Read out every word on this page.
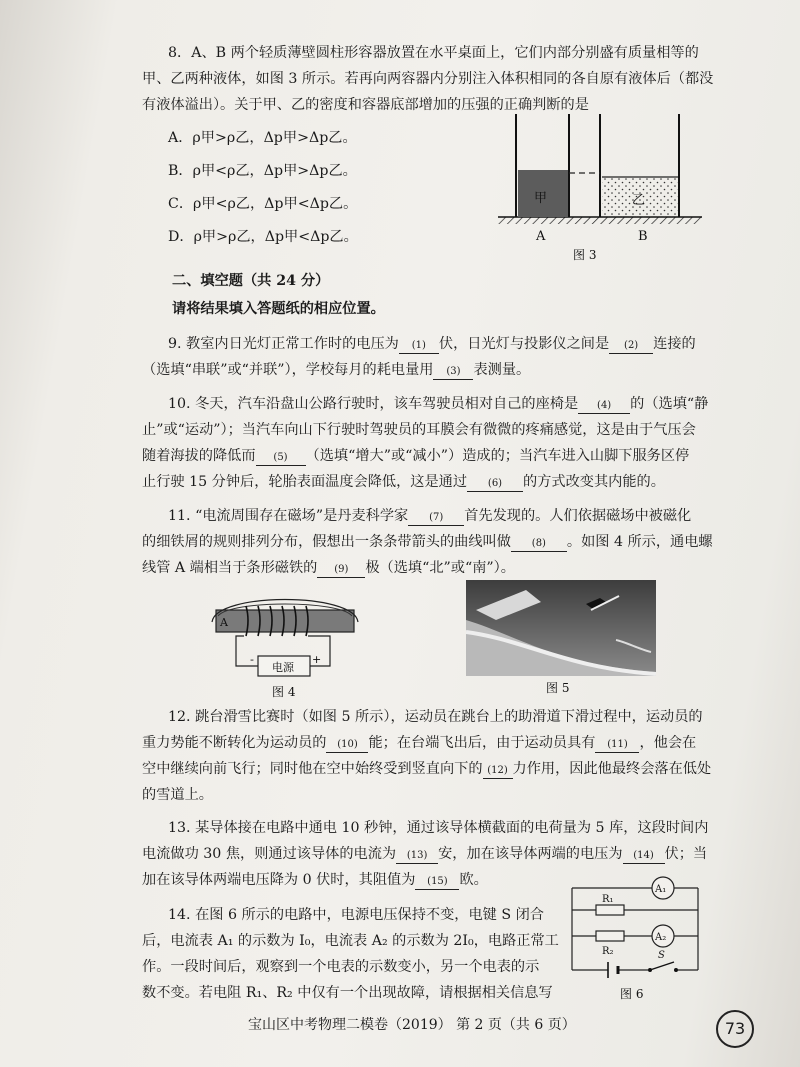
8．A、B 两个轻质薄壁圆柱形容器放置在水平桌面上，它们内部分别盛有质量相等的
甲、乙两种液体，如图 3 所示。若再向两容器内分别注入体积相同的各自原有液体后（都没
有液体溢出）。关于甲、乙的密度和容器底部增加的压强的正确判断的是
A．ρ甲>ρ乙，Δp甲>Δp乙。
B．ρ甲<ρ乙，Δp甲>Δp乙。
C．ρ甲<ρ乙，Δp甲<Δp乙。
D．ρ甲>ρ乙，Δp甲<Δp乙。
甲	乙
A	B
图 3
二、填空题（共 24 分）
请将结果填入答题纸的相应位置。
9. 教室内日光灯正常工作时的电压为 (1) 伏，日光灯与投影仪之间是 (2) 连接的
（选填“串联”或“并联”），学校每月的耗电量用 (3) 表测量。
10. 冬天，汽车沿盘山公路行驶时，该车驾驶员相对自己的座椅是 (4) 的（选填“静
止”或“运动”）；当汽车向山下行驶时驾驶员的耳膜会有微微的疼痛感觉，这是由于气压会
随着海拔的降低而 (5) （选填“增大”或“减小”）造成的；当汽车进入山脚下服务区停
止行驶 15 分钟后，轮胎表面温度会降低，这是通过 (6) 的方式改变其内能的。
11. “电流周围存在磁场”是丹麦科学家 (7) 首先发现的。人们依据磁场中被磁化
的细铁屑的规则排列分布，假想出一条条带箭头的曲线叫做 (8) 。如图 4 所示，通电螺
线管 A 端相当于条形磁铁的 (9) 极（选填“北”或“南”）。
A
电源
-	+
图 4	图 5
12. 跳台滑雪比赛时（如图 5 所示），运动员在跳台上的助滑道下滑过程中，运动员的
重力势能不断转化为运动员的 (10) 能；在台端飞出后，由于运动员具有 (11) ，他会在
空中继续向前飞行；同时他在空中始终受到竖直向下的 (12) 力作用，因此他最终会落在低处
的雪道上。
13. 某导体接在电路中通电 10 秒钟，通过该导体横截面的电荷量为 5 库，这段时间内
电流做功 30 焦，则通过该导体的电流为 (13) 安，加在该导体两端的电压为 (14) 伏；当
加在该导体两端电压降为 0 伏时，其阻值为 (15) 欧。
14. 在图 6 所示的电路中，电源电压保持不变，电键 S 闭合
后，电流表 A₁ 的示数为 I₀，电流表 A₂ 的示数为 2I₀，电路正常工
作。一段时间后，观察到一个电表的示数变小，另一个电表的示
数不变。若电阻 R₁、R₂ 中仅有一个出现故障，请根据相关信息写
A₁
A₂
R₁
R₂	S
图 6
宝山区中考物理二模卷（2019） 第 2 页（共 6 页）	73
